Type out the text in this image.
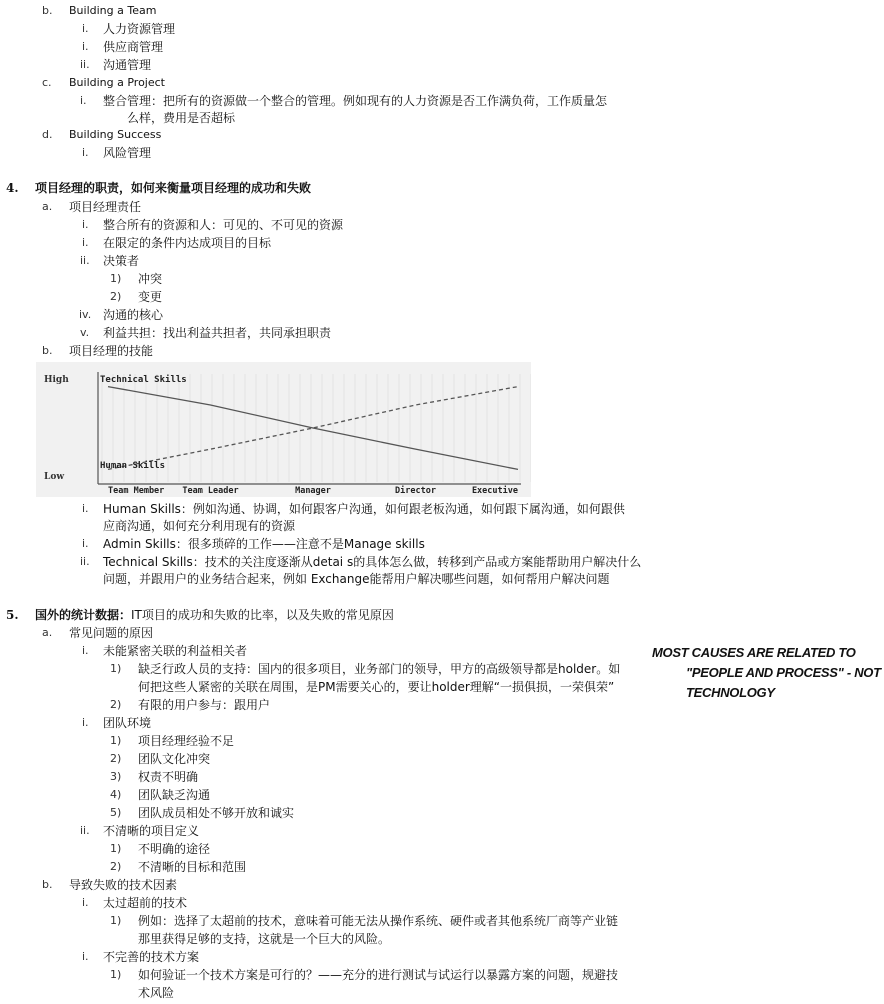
b. Building a Team
i. 人力资源管理
i. 供应商管理
ii. 沟通管理
c. Building a Project
i. 整合管理：把所有的资源做一个整合的管理。例如现有的人力资源是否工作满负荷，工作质量怎
么样，费用是否超标
d. Building Success
i. 风险管理
4. 项目经理的职责，如何来衡量项目经理的成功和失败
a. 项目经理责任
i. 整合所有的资源和人：可见的、不可见的资源
i. 在限定的条件内达成项目的目标
ii. 决策者
1) 冲突
2) 变更
iv. 沟通的核心
v. 利益共担：找出利益共担者，共同承担职责
b. 项目经理的技能
High
Low
Team Member Team Leader	Manager	Director	Executive
Technical Skills
Human Skills
i. Human Skills：例如沟通、协调，如何跟客户沟通，如何跟老板沟通，如何跟下属沟通，如何跟供
应商沟通，如何充分利用现有的资源
i. Admin Skills：很多琐碎的工作——注意不是Manage skills
ii. Technical Skills：技术的关注度逐渐从detai s的具体怎么做，转移到产品或方案能帮助用户解决什么
问题，并跟用户的业务结合起来，例如 Exchange能帮用户解决哪些问题，如何帮用户解决问题
5. 国外的统计数据：IT项目的成功和失败的比率，以及失败的常见原因
a. 常见问题的原因
i. 未能紧密关联的利益相关者
1) 缺乏行政人员的支持：国内的很多项目，业务部门的领导，甲方的高级领导都是holder。如
何把这些人紧密的关联在周围，是PM需要关心的，要让holder理解“一损俱损，一荣俱荣”
2) 有限的用户参与：跟用户
i. 团队环境
1) 项目经理经验不足
2) 团队文化冲突
3) 权责不明确
4) 团队缺乏沟通
5) 团队成员相处不够开放和诚实
ii. 不清晰的项目定义
1) 不明确的途径
2) 不清晰的目标和范围
b. 导致失败的技术因素
i. 太过超前的技术
1) 例如：选择了太超前的技术，意味着可能无法从操作系统、硬件或者其他系统厂商等产业链
那里获得足够的支持，这就是一个巨大的风险。
i. 不完善的技术方案
1) 如何验证一个技术方案是可行的？——充分的进行测试与试运行以暴露方案的问题，规避技
术风险
MOST CAUSES ARE RELATED TO
"PEOPLE AND PROCESS" - NOT
TECHNOLOGY
